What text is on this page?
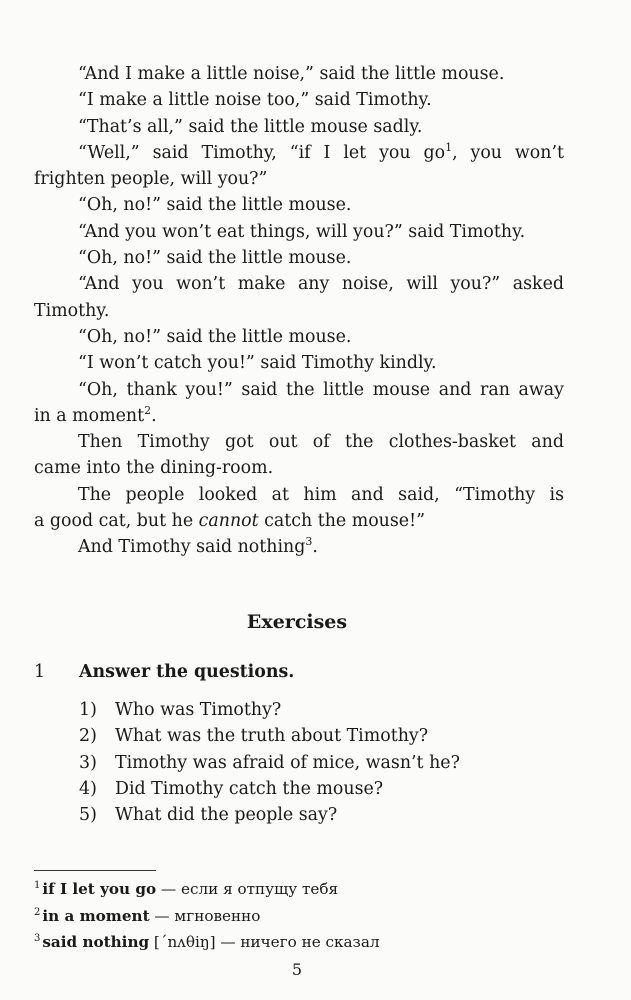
“And I make a little noise,” said the little mouse.

“I make a little noise too,” said Timothy.

“That’s all,” said the little mouse sadly.

“Well,” said Timothy, “if I let you $go^1$, you won’t
frighten people, will you?”

“Oh, no!” said the little mouse.

“And you won’t eat things, will you?” said Timothy.

“Oh, no!” said the little mouse.

“And you won’t make any noise, will you?” asked
Timothy.

“Oh, no!” said the little mouse.

“I won’t catch you!” said Timothy kindly.

“Oh, thank you!” said the little mouse and ran away
in a moment$^2$.

Then Timothy got out of the clothes-basket and
came into the dining-room.

The people looked at him and said, “Timothy is
a good cat, but he cannot catch the mouse!”

And Timothy said nothing$^3$.

Exercises
1 Answer the questions.
1) Who was Timothy?
2) What was the truth about Timothy?
3) Timothy was afraid of mice, wasn’t he?
4) Did Timothy catch the mouse?
5) What did the people say?
$^1$ if I let you go — если я отпущу тебя
$^2$ in a moment — мгновенно
$^3$ said nothing [ˊnʌθiŋ] — ничего не сказал
5
